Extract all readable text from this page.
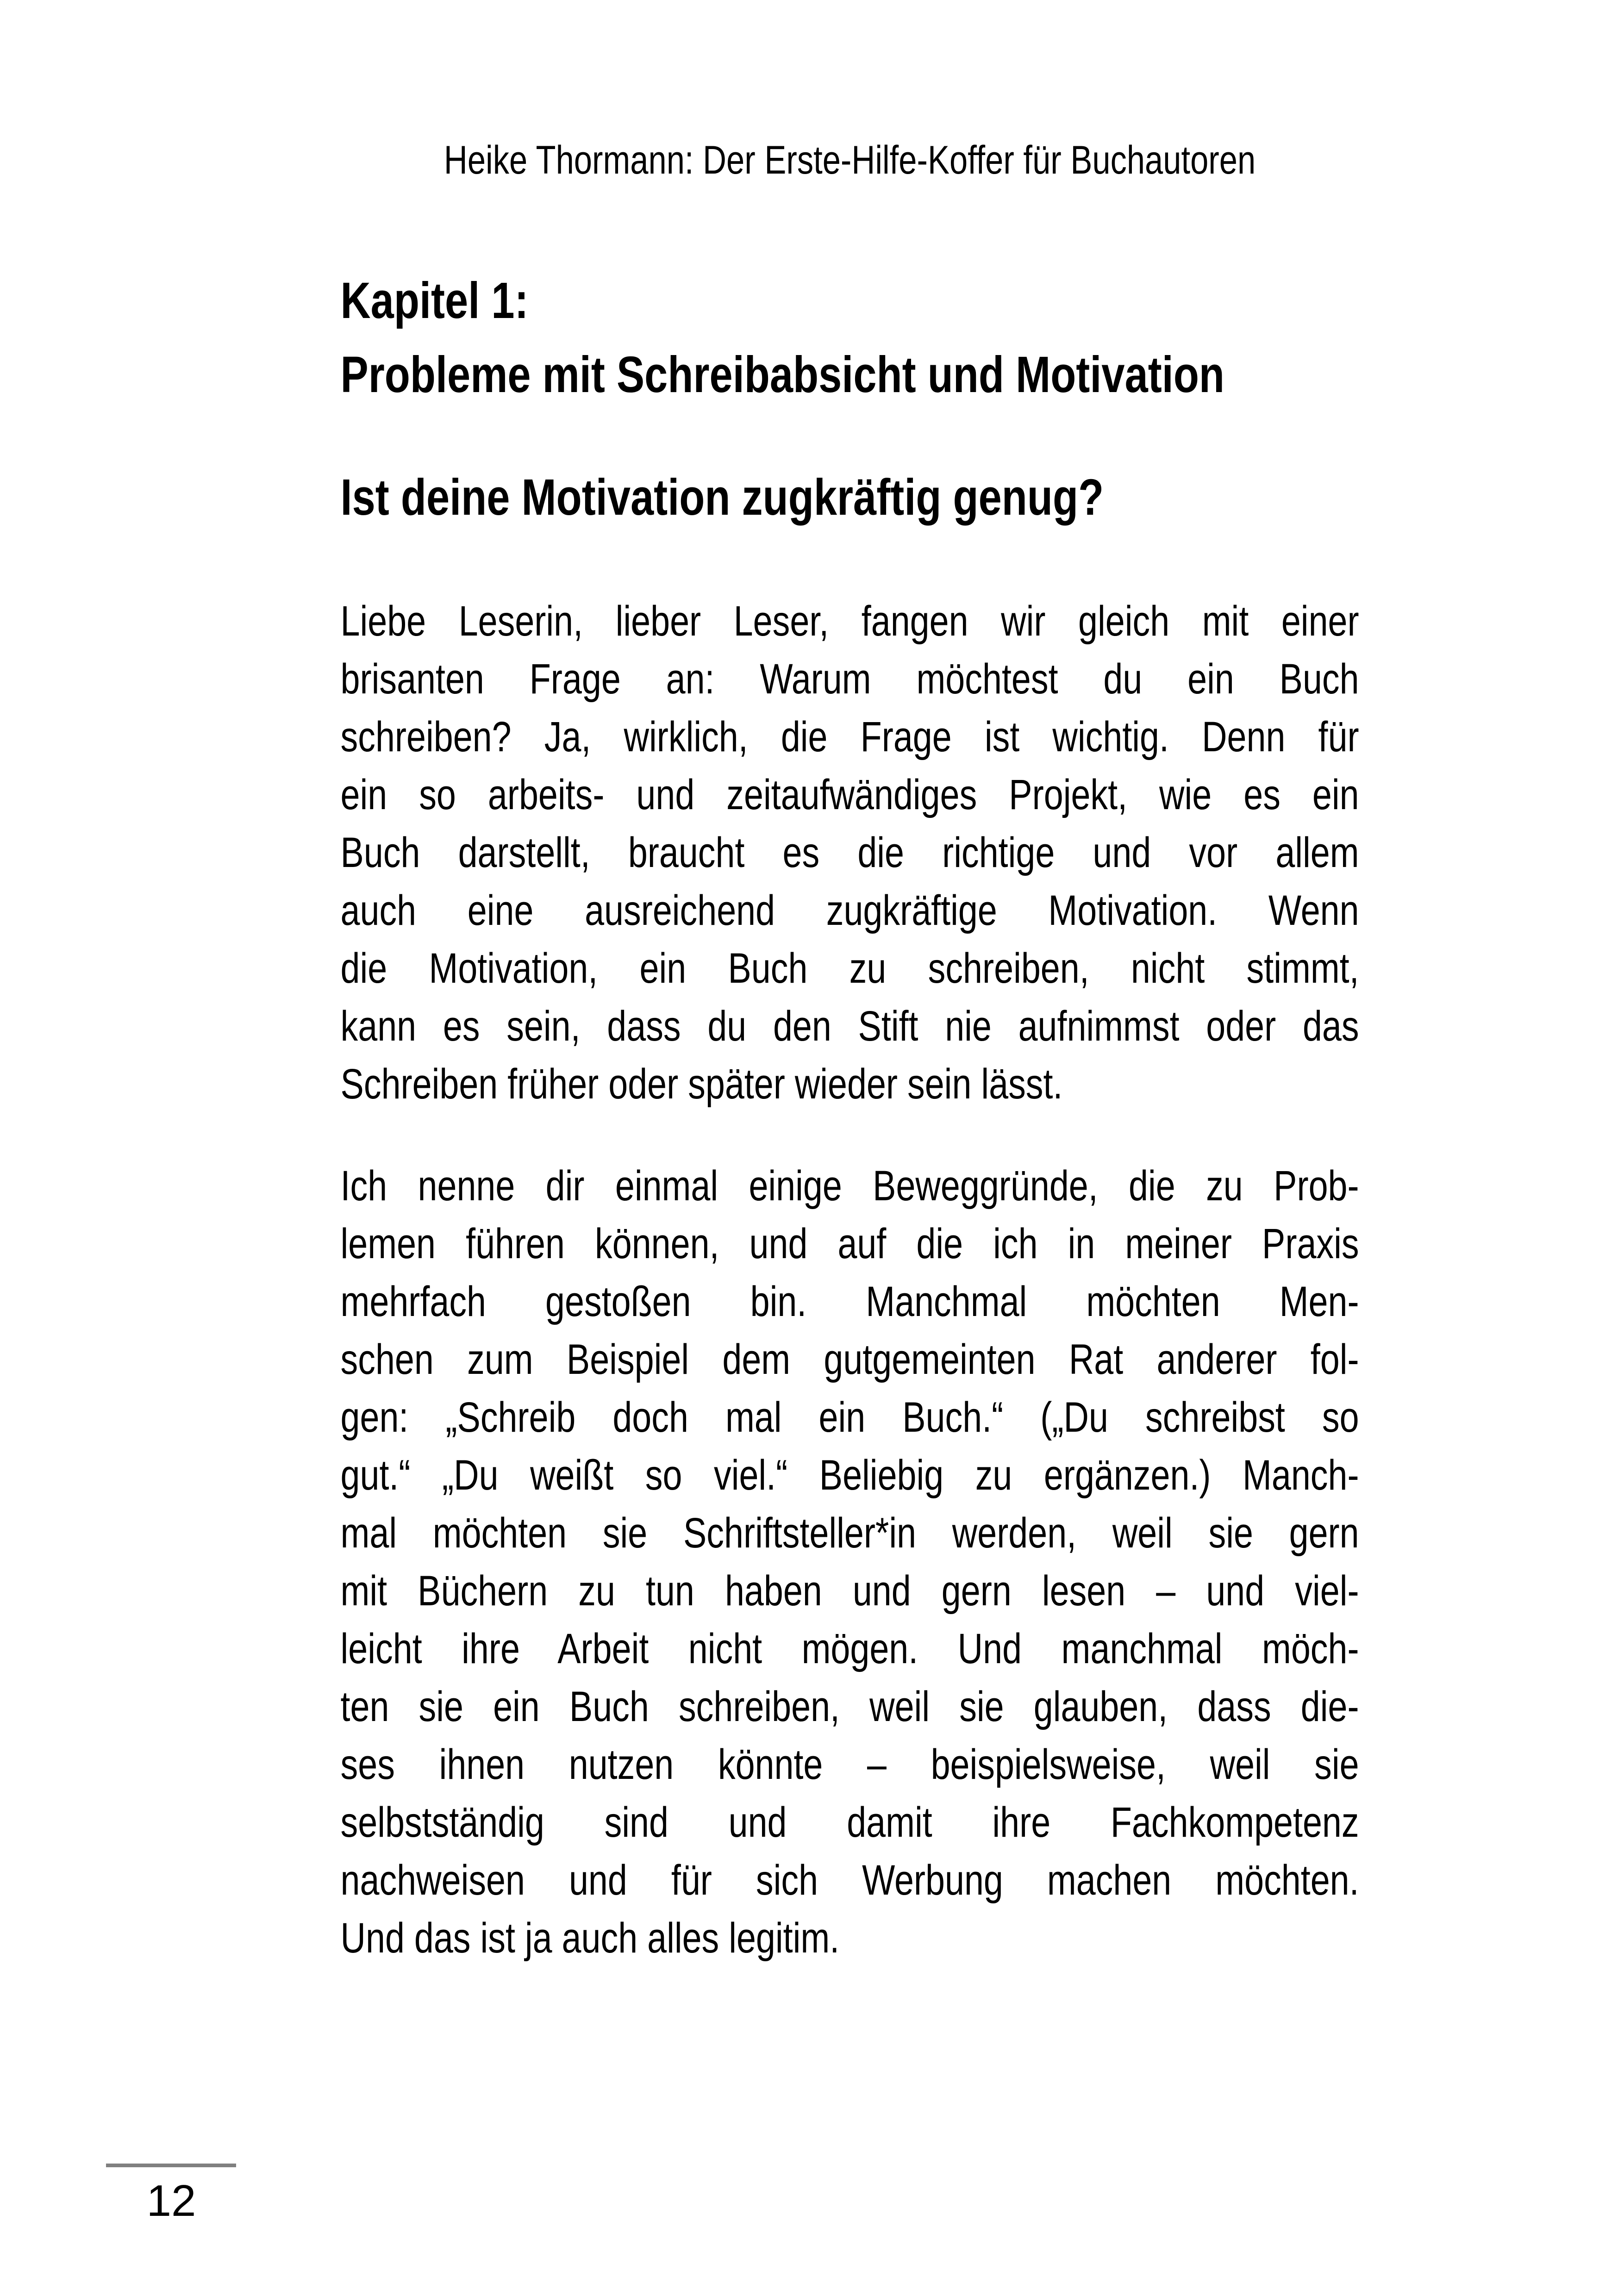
Heike Thormann: Der Erste-Hilfe-Koffer für Buchautoren
Kapitel 1:
Probleme mit Schreibabsicht und Motivation
Ist deine Motivation zugkräftig genug?
Liebe Leserin, lieber Leser, fangen wir gleich mit einer
brisanten Frage an: Warum möchtest du ein Buch
schreiben? Ja, wirklich, die Frage ist wichtig. Denn für
ein so arbeits- und zeitaufwändiges Projekt, wie es ein
Buch darstellt, braucht es die richtige und vor allem
auch eine ausreichend zugkräftige Motivation. Wenn
die Motivation, ein Buch zu schreiben, nicht stimmt,
kann es sein, dass du den Stift nie aufnimmst oder das
Schreiben früher oder später wieder sein lässt.
Ich nenne dir einmal einige Beweggründe, die zu Prob-
lemen führen können, und auf die ich in meiner Praxis
mehrfach gestoßen bin. Manchmal möchten Men-
schen zum Beispiel dem gutgemeinten Rat anderer fol-
gen: „Schreib doch mal ein Buch.“ („Du schreibst so
gut.“ „Du weißt so viel.“ Beliebig zu ergänzen.) Manch-
mal möchten sie Schriftsteller*in werden, weil sie gern
mit Büchern zu tun haben und gern lesen – und viel-
leicht ihre Arbeit nicht mögen. Und manchmal möch-
ten sie ein Buch schreiben, weil sie glauben, dass die-
ses ihnen nutzen könnte – beispielsweise, weil sie
selbstständig sind und damit ihre Fachkompetenz
nachweisen und für sich Werbung machen möchten.
Und das ist ja auch alles legitim.
12
